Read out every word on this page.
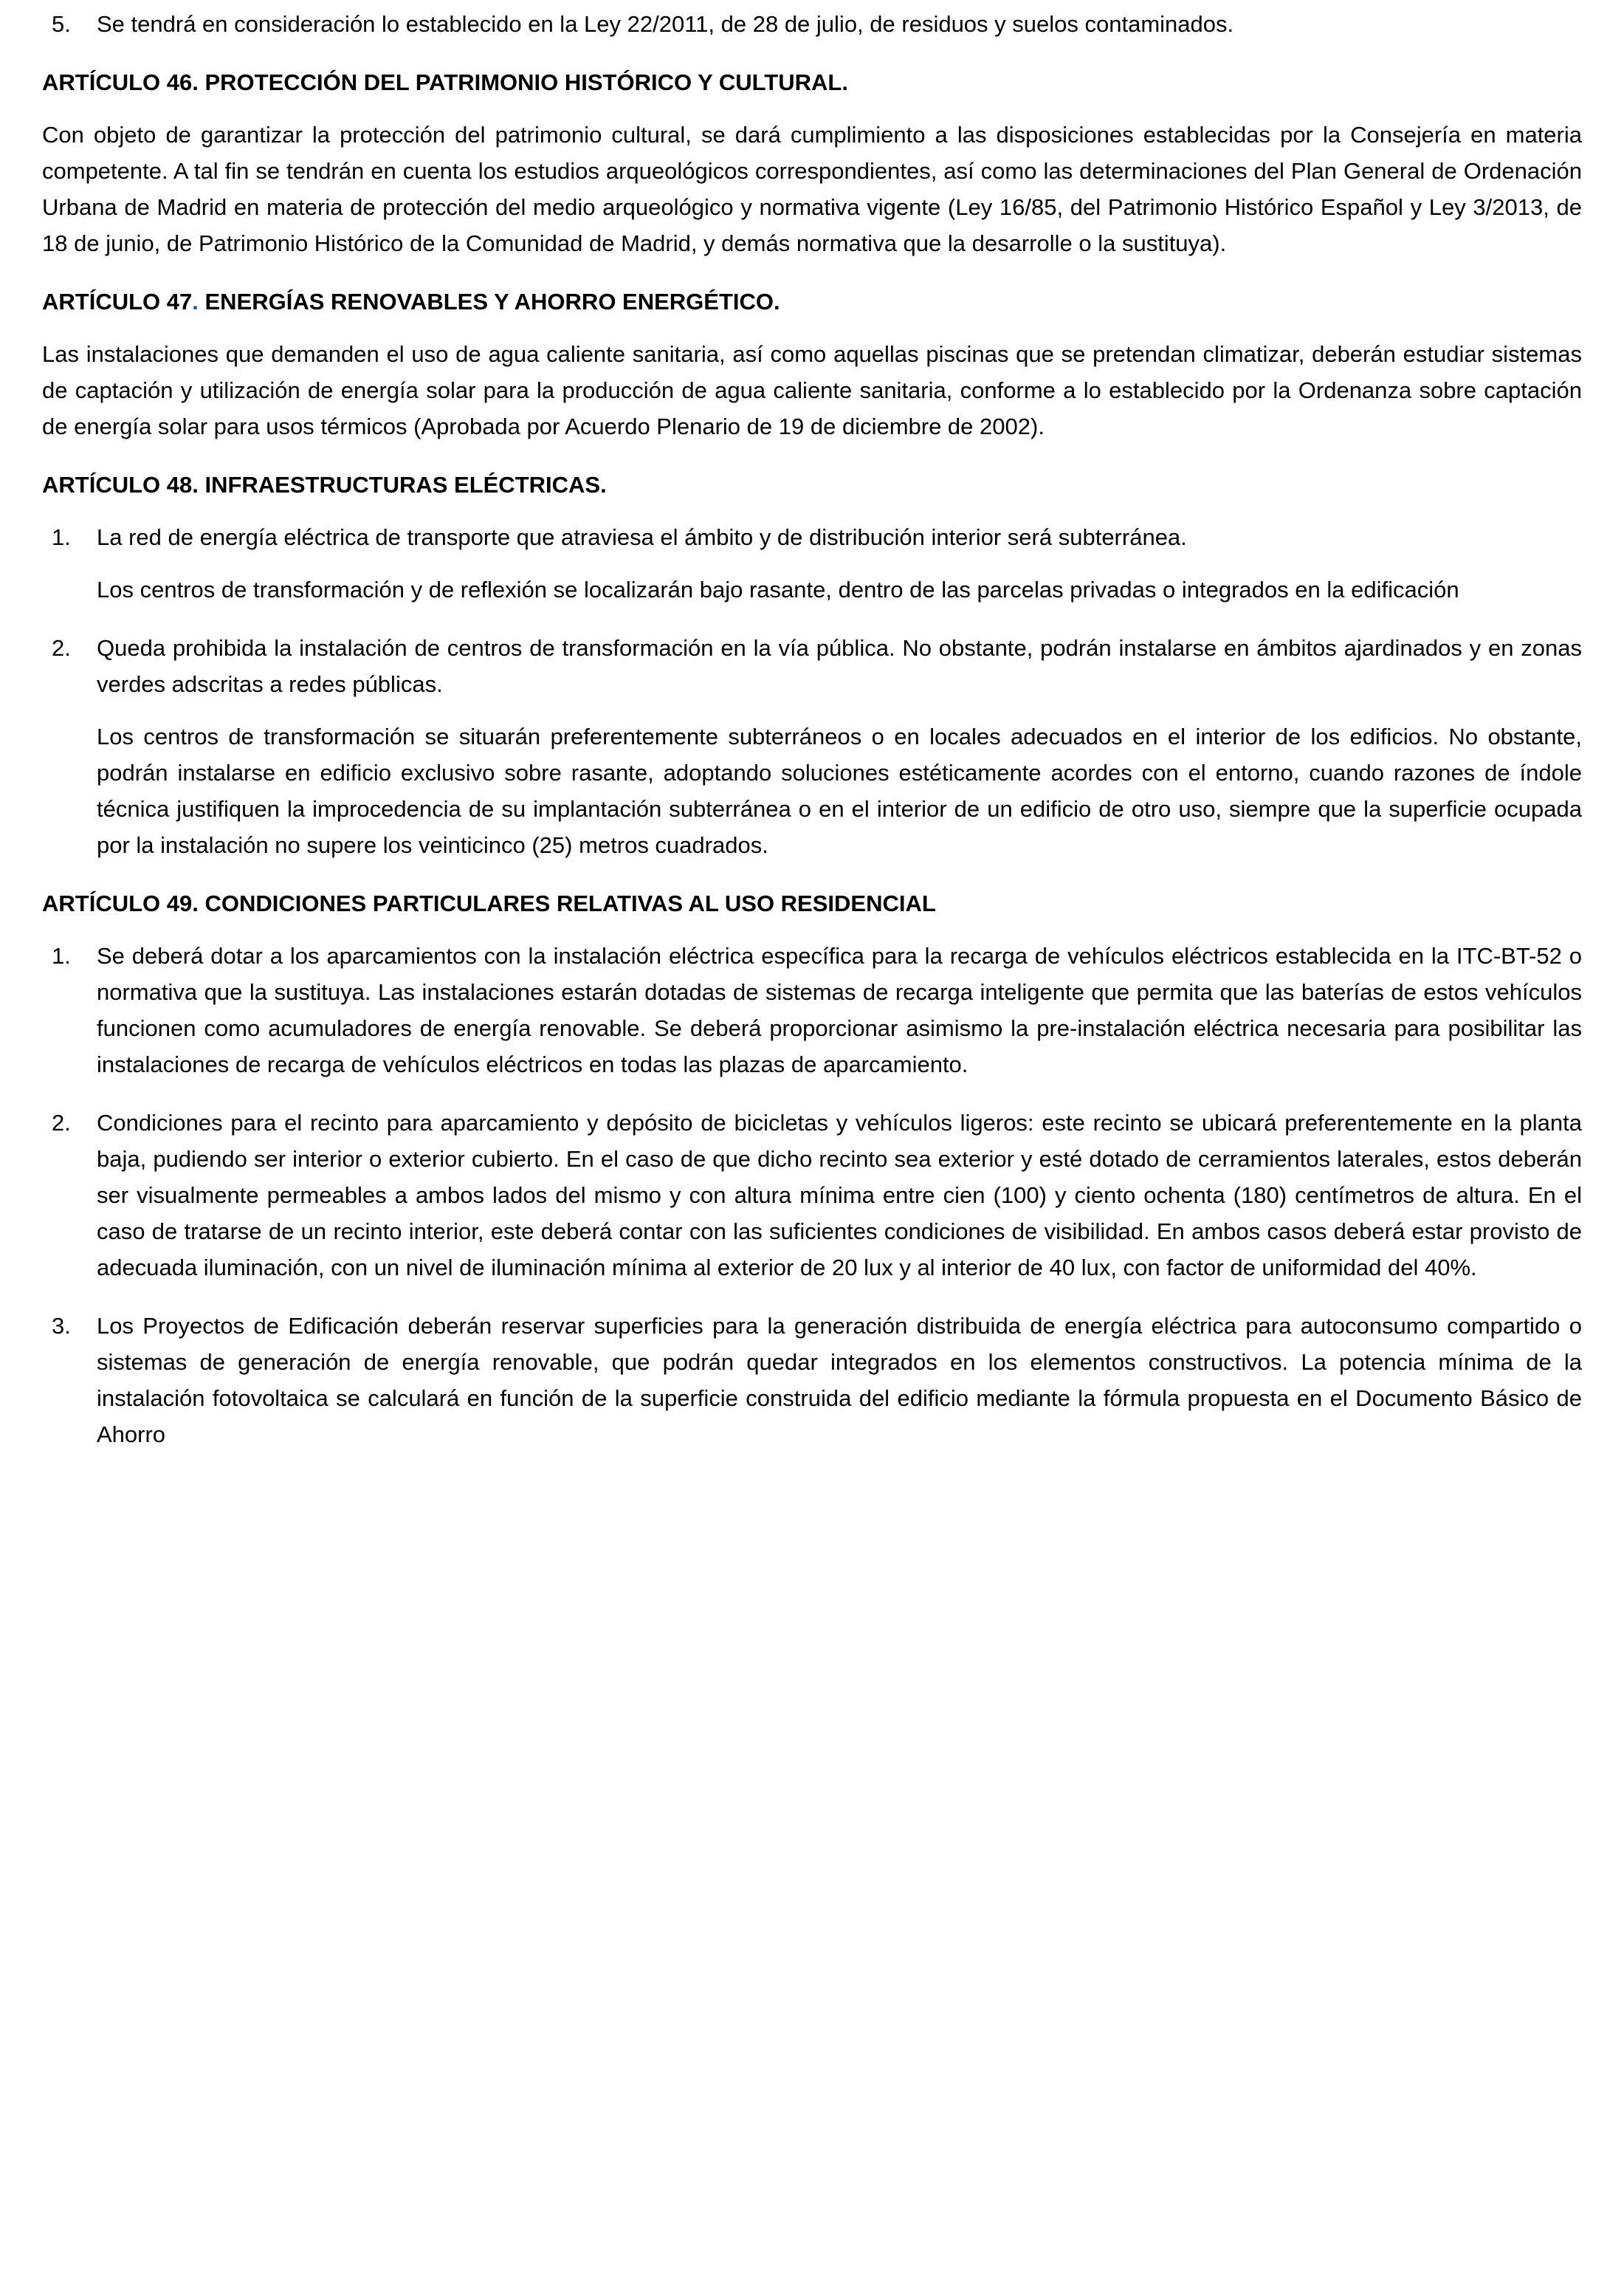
5.	Se tendrá en consideración lo establecido en la Ley 22/2011, de 28 de julio, de residuos y suelos contaminados.

ARTÍCULO 46. PROTECCIÓN DEL PATRIMONIO HISTÓRICO Y CULTURAL.

Con objeto de garantizar la protección del patrimonio cultural, se dará cumplimiento a las disposiciones establecidas por la Consejería en materia competente. A tal fin se tendrán en cuenta los estudios arqueológicos correspondientes, así como las determinaciones del Plan General de Ordenación Urbana de Madrid en materia de protección del medio arqueológico y normativa vigente (Ley 16/85, del Patrimonio Histórico Español y Ley 3/2013, de 18 de junio, de Patrimonio Histórico de la Comunidad de Madrid, y demás normativa que la desarrolle o la sustituya).

ARTÍCULO 47. ENERGÍAS RENOVABLES Y AHORRO ENERGÉTICO.

Las instalaciones que demanden el uso de agua caliente sanitaria, así como aquellas piscinas que se pretendan climatizar, deberán estudiar sistemas de captación y utilización de energía solar para la producción de agua caliente sanitaria, conforme a lo establecido por la Ordenanza sobre captación de energía solar para usos térmicos (Aprobada por Acuerdo Plenario de 19 de diciembre de 2002).

ARTÍCULO 48. INFRAESTRUCTURAS ELÉCTRICAS.
1.	La red de energía eléctrica de transporte que atraviesa el ámbito y de distribución interior será subterránea.

Los centros de transformación y de reflexión se localizarán bajo rasante, dentro de las parcelas privadas o integrados en la edificación

2.	Queda prohibida la instalación de centros de transformación en la vía pública. No obstante, podrán instalarse en ámbitos ajardinados y en zonas verdes adscritas a redes públicas.

Los centros de transformación se situarán preferentemente subterráneos o en locales adecuados en el interior de los edificios. No obstante, podrán instalarse en edificio exclusivo sobre rasante, adoptando soluciones estéticamente acordes con el entorno, cuando razones de índole técnica justifiquen la improcedencia de su implantación subterránea o en el interior de un edificio de otro uso, siempre que la superficie ocupada por la instalación no supere los veinticinco (25) metros cuadrados.

ARTÍCULO 49. CONDICIONES PARTICULARES RELATIVAS AL USO RESIDENCIAL
1.	Se deberá dotar a los aparcamientos con la instalación eléctrica específica para la recarga de vehículos eléctricos establecida en la ITC-BT-52 o normativa que la sustituya. Las instalaciones estarán dotadas de sistemas de recarga inteligente que permita que las baterías de estos vehículos funcionen como acumuladores de energía renovable. Se deberá proporcionar asimismo la pre-instalación eléctrica necesaria para posibilitar las instalaciones de recarga de vehículos eléctricos en todas las plazas de aparcamiento.

2.	Condiciones para el recinto para aparcamiento y depósito de bicicletas y vehículos ligeros: este recinto se ubicará preferentemente en la planta baja, pudiendo ser interior o exterior cubierto. En el caso de que dicho recinto sea exterior y esté dotado de cerramientos laterales, estos deberán ser visualmente permeables a ambos lados del mismo y con altura mínima entre cien (100) y ciento ochenta (180) centímetros de altura. En el caso de tratarse de un recinto interior, este deberá contar con las suficientes condiciones de visibilidad. En ambos casos deberá estar provisto de adecuada iluminación, con un nivel de iluminación mínima al exterior de 20 lux y al interior de 40 lux, con factor de uniformidad del 40%.

3.	Los Proyectos de Edificación deberán reservar superficies para la generación distribuida de energía eléctrica para autoconsumo compartido o sistemas de generación de energía renovable, que podrán quedar integrados en los elementos constructivos. La potencia mínima de la instalación fotovoltaica se calculará en función de la superficie construida del edificio mediante la fórmula propuesta en el Documento Básico de Ahorro
